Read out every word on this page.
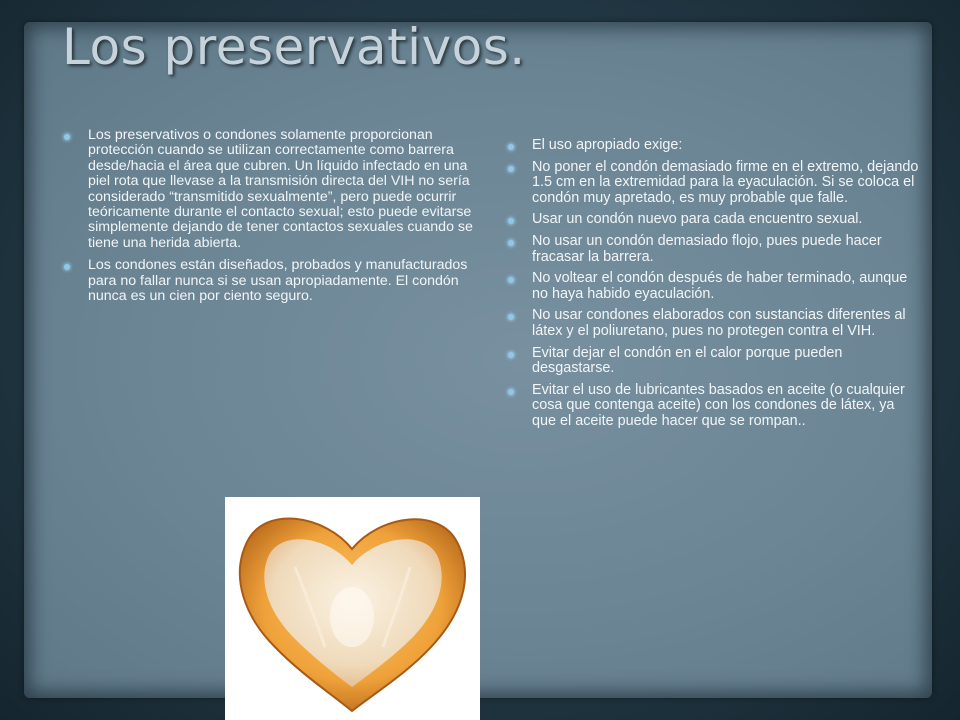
Los preservativos.
Los preservativos o condones solamente proporcionan protección cuando se utilizan correctamente como barrera desde/hacia el área que cubren. Un líquido infectado en una piel rota que llevase a la transmisión directa del VIH no sería considerado “transmitido sexualmente”, pero puede ocurrir teóricamente durante el contacto sexual; esto puede evitarse simplemente dejando de tener contactos sexuales cuando se tiene una herida abierta.
Los condones están diseñados, probados y manufacturados para no fallar nunca si se usan apropiadamente. El condón nunca es un cien por ciento seguro.
El uso apropiado exige:
No poner el condón demasiado firme en el extremo, dejando 1.5 cm en la extremidad para la eyaculación. Si se coloca el condón muy apretado, es muy probable que falle.
Usar un condón nuevo para cada encuentro sexual.
No usar un condón demasiado flojo, pues puede hacer fracasar la barrera.
No voltear el condón después de haber terminado, aunque no haya habido eyaculación.
No usar condones elaborados con sustancias diferentes al látex y el poliuretano, pues no protegen contra el VIH.
Evitar dejar el condón en el calor porque pueden desgastarse.
Evitar el uso de lubricantes basados en aceite (o cualquier cosa que contenga aceite) con los condones de látex, ya que el aceite puede hacer que se rompan..
